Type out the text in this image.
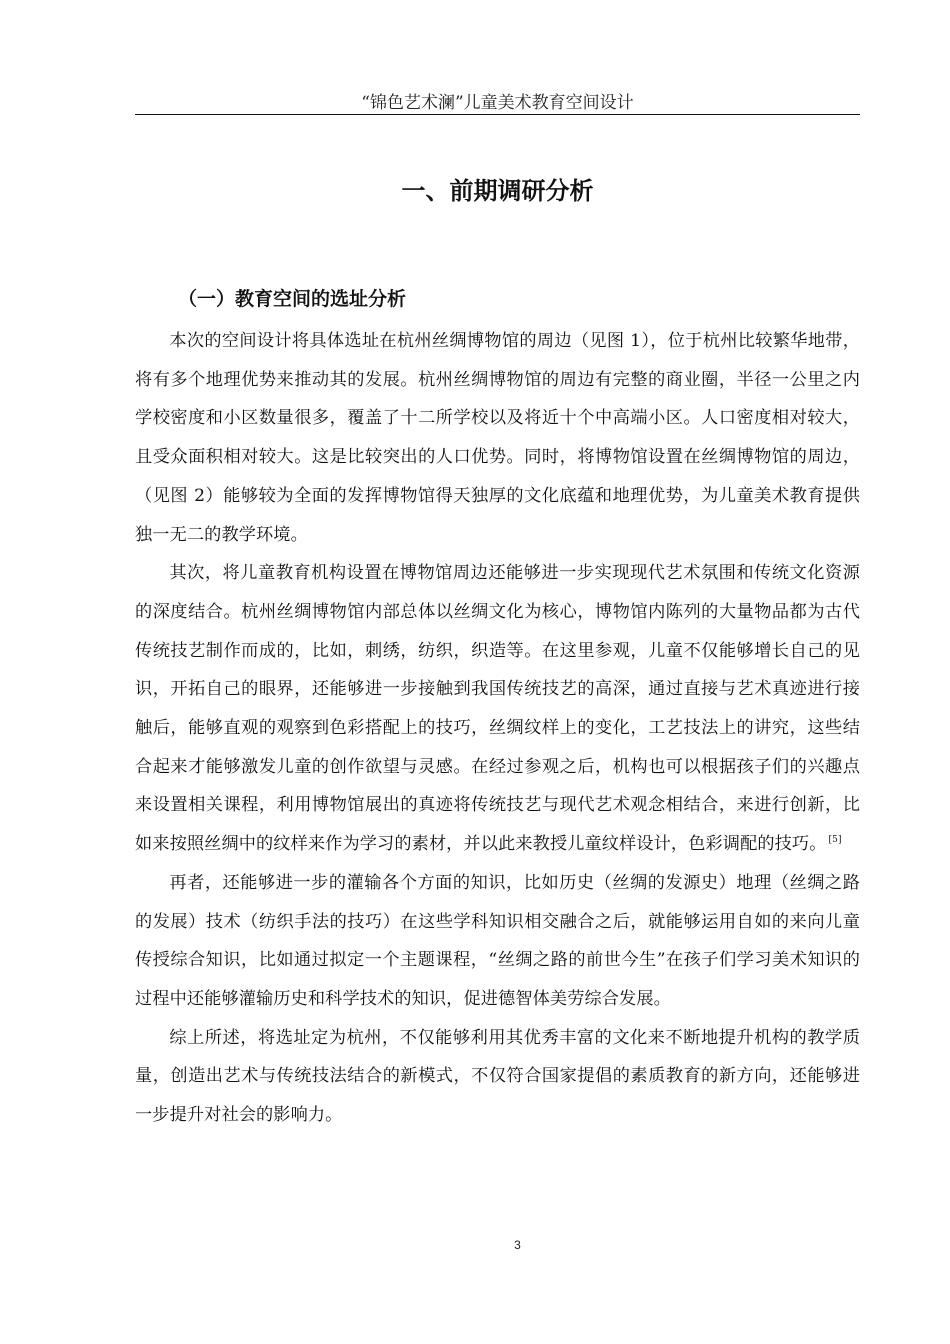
“锦色艺术澜”儿童美术教育空间设计
一、前期调研分析
（一）教育空间的选址分析

本次的空间设计将具体选址在杭州丝绸博物馆的周边（见图 1），位于杭州比较繁华地带，将有多个地理优势来推动其的发展。杭州丝绸博物馆的周边有完整的商业圈，半径一公里之内学校密度和小区数量很多，覆盖了十二所学校以及将近十个中高端小区。人口密度相对较大，且受众面积相对较大。这是比较突出的人口优势。同时，将博物馆设置在丝绸博物馆的周边，（见图 2）能够较为全面的发挥博物馆得天独厚的文化底蕴和地理优势，为儿童美术教育提供独一无二的教学环境。

其次，将儿童教育机构设置在博物馆周边还能够进一步实现现代艺术氛围和传统文化资源的深度结合。杭州丝绸博物馆内部总体以丝绸文化为核心，博物馆内陈列的大量物品都为古代传统技艺制作而成的，比如，刺绣，纺织，织造等。在这里参观，儿童不仅能够增长自己的见识，开拓自己的眼界，还能够进一步接触到我国传统技艺的高深，通过直接与艺术真迹进行接触后，能够直观的观察到色彩搭配上的技巧，丝绸纹样上的变化，工艺技法上的讲究，这些结合起来才能够激发儿童的创作欲望与灵感。在经过参观之后，机构也可以根据孩子们的兴趣点来设置相关课程，利用博物馆展出的真迹将传统技艺与现代艺术观念相结合，来进行创新，比如来按照丝绸中的纹样来作为学习的素材，并以此来教授儿童纹样设计，色彩调配的技巧。 [5]

再者，还能够进一步的灌输各个方面的知识，比如历史（丝绸的发源史）地理（丝绸之路的发展）技术（纺织手法的技巧）在这些学科知识相交融合之后，就能够运用自如的来向儿童传授综合知识，比如通过拟定一个主题课程，“丝绸之路的前世今生”在孩子们学习美术知识的过程中还能够灌输历史和科学技术的知识，促进德智体美劳综合发展。

综上所述，将选址定为杭州，不仅能够利用其优秀丰富的文化来不断地提升机构的教学质量，创造出艺术与传统技法结合的新模式，不仅符合国家提倡的素质教育的新方向，还能够进一步提升对社会的影响力。

3
